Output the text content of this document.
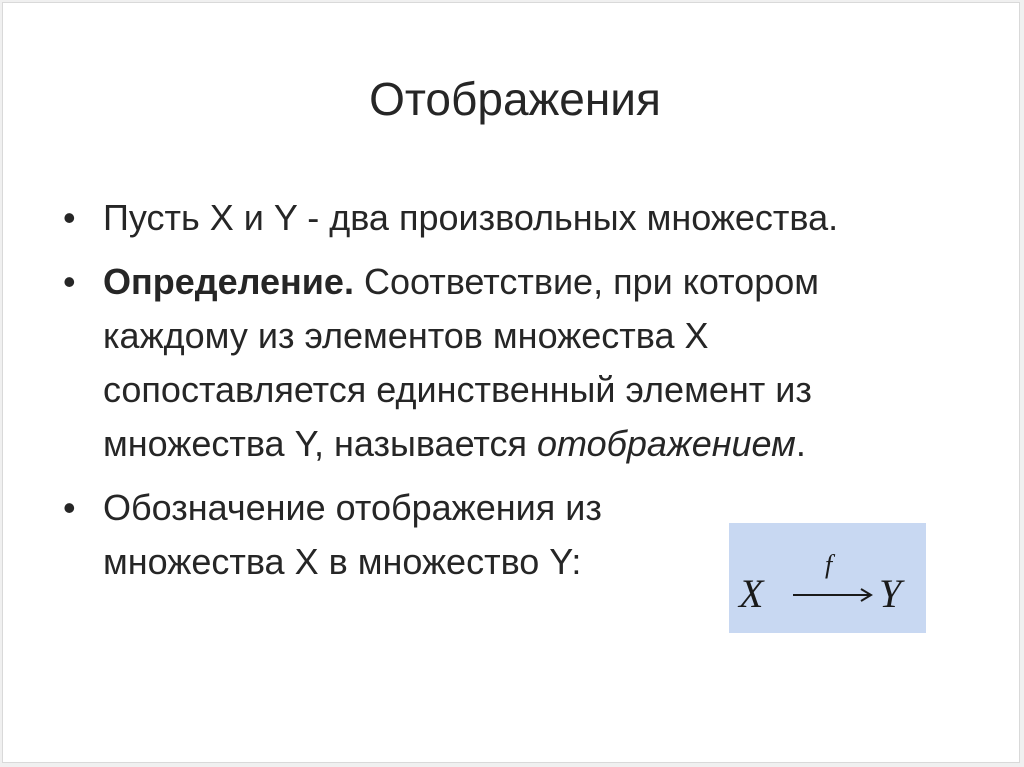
Отображения
• Пусть X и Y - два произвольных множества.
• Определение. Соответствие, при котором
каждому из элементов множества X
сопоставляется единственный элемент из
множества Y, называется отображением.
• Обозначение отображения из
множества X в множество Y:
X
f
Y
